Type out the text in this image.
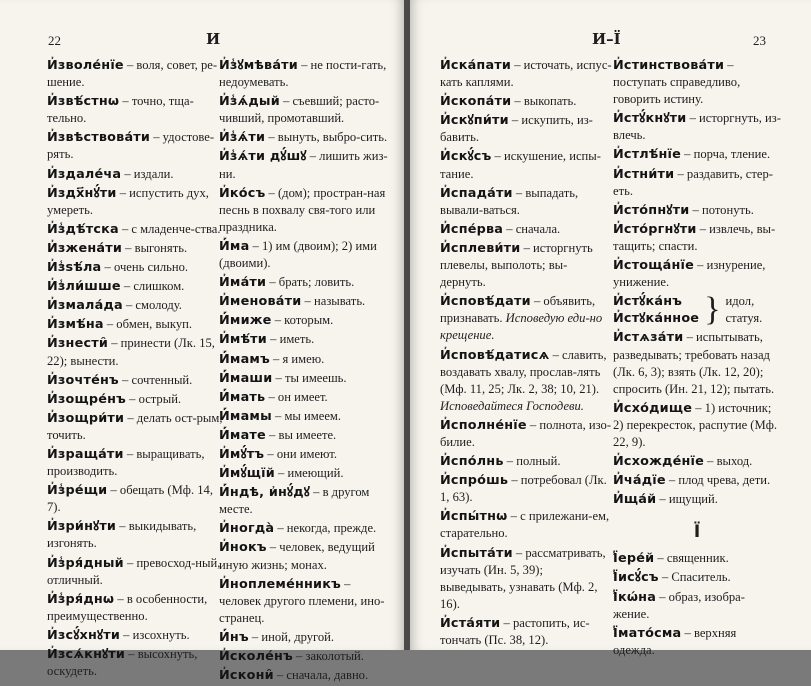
22	И
И҆зволе́нїе – воля, совет, ре-шение.
И҆звѣ́стнѡ – точно, тща-тельно.
И҆звѣствова́ти – удостове-рять.
И҆здале́ча – издали.
И҆здх҃нꙋ́ти – испустить дух, умереть.
И҆з̾дѣ́тска – с младенче-ства.
И҆зжена́ти – выгонять.
И҆з̾ѕѣ́ла – очень сильно.
И҆з̾ли́шше – слишком.
И҆змала́да – смолоду.
И҆змѣ́на – обмен, выкуп.
И҆знести̑ – принести (Лк. 15, 22); вынести.
И҆зочте́нъ – сочтенный.
И҆зощре́нъ – острый.
И҆зощри́ти – делать ост-рым, точить.
И҆зраща́ти – выращивать, производить.
И҆з̾ре́щи – обещать (Мф. 14, 7).
И҆зри́нꙋти – выкидывать, изгонять.
И҆з̾ря́дный – превосход-ный, отличный.
И҆з̾ря́днѡ – в особенности, преимущественно.
И҆зсꙋ́хнꙋти – изсохнуть.
И҆зсѧ́кнꙋти – высохнуть, оскудеть.
И҆з̾ꙋмѣва́ти – не пости-гать, недоумевать.
И҆з̾ѧ́дый – съевший; расто-чивший, промотавший.
И҆з̾ѧ́ти – вынуть, выбро-сить.
И҆з̾ѧ́ти дꙋ́шꙋ – лишить жиз-ни.
И҆ко́съ – (дом); простран-ная песнь в похвалу свя-того или праздника.
И҆́ма – 1) им (двоим); 2) ими (двоими).
И҆ма́ти – брать; ловить.
И҆менова́ти – называть.
И҆́миже – которым.
И҆мѣ́ти – иметь.
И҆́мамъ – я имею.
И҆́маши – ты имеешь.
И҆́мать – он имеет.
И҆́мамы – мы имеем.
И҆́мате – вы имеете.
И҆мꙋ́тъ – они имеют.
И҆мꙋ́щїй – имеющий.
И҆́ндѣ, и҆нꙋ́дꙋ – в другом месте.
И҆ногда̀ – некогда, прежде.
И҆нокъ – человек, ведущий иную жизнь; монах.
И҆ноплеме́нникъ – человек другого племени, ино-странец.
И҆́нъ – иной, другой.
И҆сколе́нъ – заколотый.
И҆скони̑ – сначала, давно.
23
И–Ї
И҆ска́пати – источать, испус-кать каплями.
И҆скопа́ти – выкопать.
И҆скꙋпи́ти – искупить, из-бавить.
И҆скꙋ́съ – искушение, испы-тание.
И҆спада́ти – выпадать, вывали-ваться.
И҆спе́рва – сначала.
И҆сплеви́ти – исторгнуть плевелы, выполоть; вы-дернуть.
И҆сповѣ́дати – объявить, признавать. Исповедую еди-но крещение.
И҆сповѣ́датисѧ – славить, воздавать хвалу, прослав-лять (Мф. 11, 25; Лк. 2, 38; 10, 21). Исповедайтеся Господеви.
И҆сполне́нїе – полнота, изо-билие.
И҆спо́лнь – полный.
И҆спро́шь – потребовал (Лк. 1, 63).
И҆спы́тнѡ – с прилежани-ем, старательно.
И҆спыта́ти – рассматривать, изучать (Ин. 5, 39); выведывать, узнавать (Мф. 2, 16).
И҆ста́яти – растопить, ис-тончать (Пс. 38, 12).
И҆стинствова́ти – поступать справедливо, говорить истину.
И҆стꙋ́кнꙋти – исторгнуть, из-влечь.
И҆стлѣ́нїе – порча, тление.
И҆стни́ти – раздавить, стер-еть.
И҆сто́пнꙋти – потонуть.
И҆сто́ргнꙋти – извлечь, вы-тащить; спасти.
И҆стоща́нїе – изнурение, унижение.
И҆стꙋ́ка́нъ
И҆стꙋка́нное } идол, статуя.
И҆стѧза́ти – испытывать, разведывать; требовать назад (Лк. 6, 3); взять (Лк. 12, 20); спросить (Ин. 21, 12); пытать.
И҆схо́дище – 1) источник; 2) перекресток, распутие (Мф. 22, 9).
И҆схожде́нїе – выход.
И҆ча́дїе – плод чрева, дети.
И҆ща́й – ищущий.
Ї
Ї҆ере́й – священник.
Ї҆исꙋ́съ – Спаситель.
Ї҆кѡ́на – образ, изобра-жение.
Ї҆мато́сма – верхняя одежда.
